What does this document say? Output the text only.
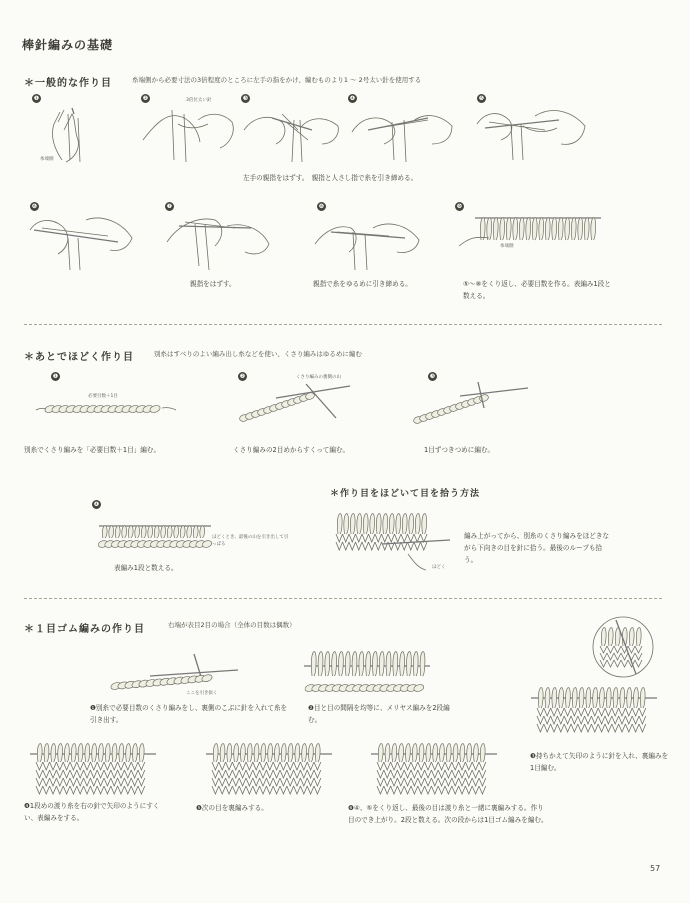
棒針編みの基礎
＊一般的な作り目	糸端側から必要寸法の3倍程度のところに左手の指をかけ、編むものより1 ～ 2号太い針を使用する
❶	❷	❸	❹	❺
糸端側
3倍位太い針
左手の親指をはずす。　親指と人さし指で糸を引き締める。
❻	❼	❽	❾
親指をはずす。	親指で糸をゆるめに引き締める。
糸端側
⑤～⑧をくり返し、必要目数を作る。表編み1段と数える。
＊あとでほどく作り目	別糸はすべりのよい編み出し糸などを使い、くさり編みはゆるめに編む
❶	❷	❸
必要目数＋1目
くさり編みの裏側の山
別糸でくさり編みを「必要目数＋1目」編む。	くさり編みの2目めからすくって編む。	1目ずつきつめに編む。
❹
ほどくとき、最後の山を引き出して引っぱる
表編み1段と数える。
＊作り目をほどいて目を拾う方法
ほどく
編み上がってから、別糸のくさり編みをほどきながら下向きの目を針に拾う。最後のループも拾う。
＊１目ゴム編みの作り目	右端が表目2目の場合（全体の目数は偶数）
ここを引き抜く
❶別糸で必要目数のくさり編みをし、裏側のこぶに針を入れて糸を引き出す。
❷目と目の間隔を均等に、メリヤス編みを2段編む。
❸持ちかえて矢印のように針を入れ、裏編みを1目編む。
❹1段めの渡り糸を右の針で矢印のようにすくい、表編みをする。
❺次の目を裏編みする。	❻④、⑤をくり返し、最後の目は渡り糸と一緒に裏編みする。作り目のでき上がり。2段と数える。次の段からは1目ゴム編みを編む。
57
